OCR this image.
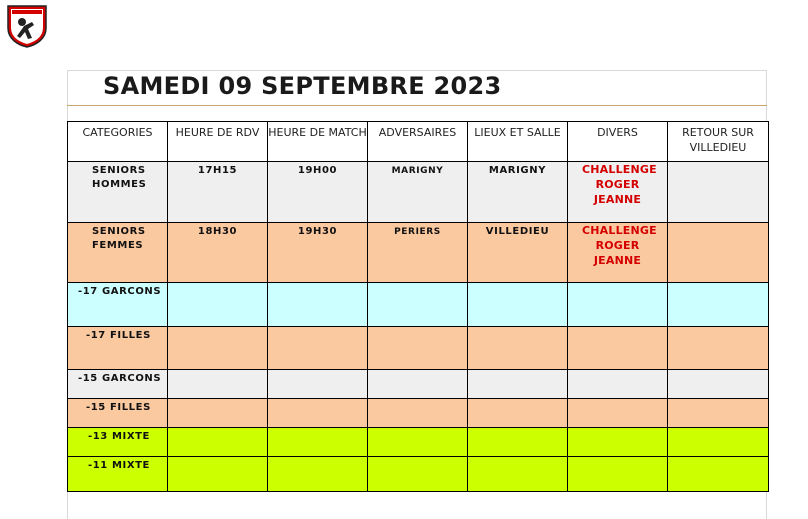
SAMEDI 09 SEPTEMBRE 2023
CATEGORIES	HEURE DE RDV	HEURE DE MATCH	ADVERSAIRES	LIEUX ET SALLE	DIVERS	RETOUR SUR VILLEDIEU

SENIORS HOMMES	17H15	19H00	MARIGNY	MARIGNY	CHALLENGE ROGER JEANNE	

SENIORS FEMMES	18H30	19H30	PERIERS	VILLEDIEU	CHALLENGE ROGER JEANNE	

-17 GARCONS						

-17 FILLES						

-15 GARCONS						

-15 FILLES						

-13 MIXTE						

-11 MIXTE						
